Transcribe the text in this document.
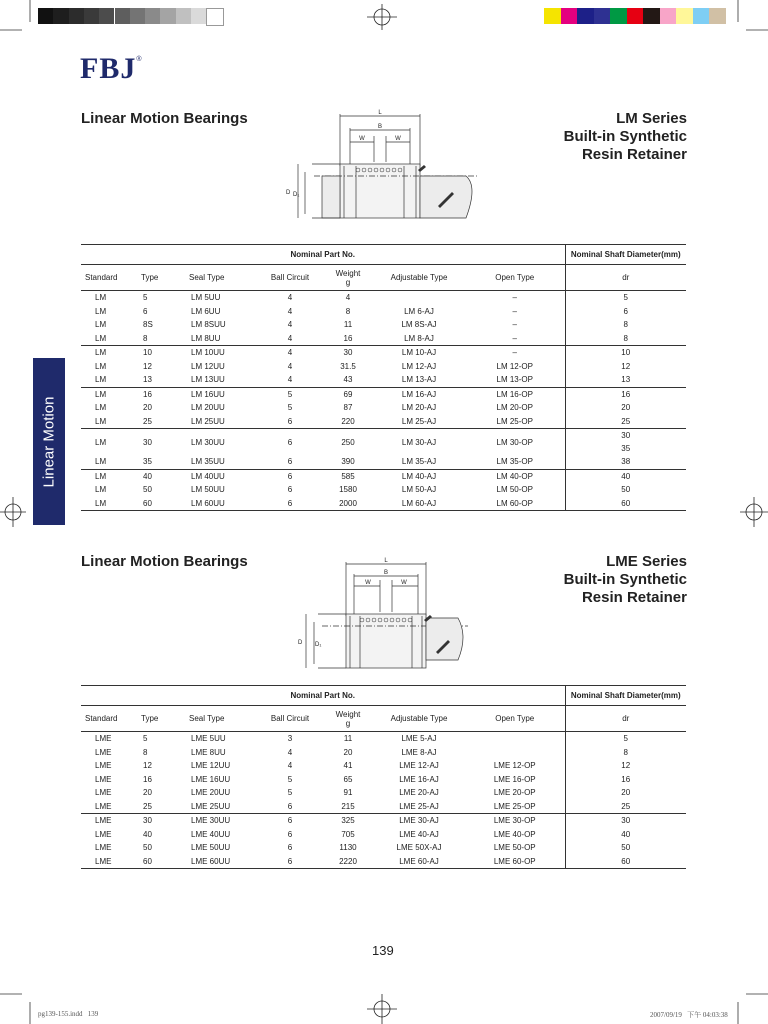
FBJ®
Linear Motion
Linear Motion Bearings	LM Series
Built-in Synthetic
Resin Retainer
L
B
W	W
D D₁
Nominal Part No.							Nominal Shaft Diameter(mm)
Standard	Type	Seal Type	Ball Circuit	Weight
g	Adjustable Type	Open Type	dr
LM	5	LM 5UU	4	4		–	5
LM	6	LM 6UU	4	8	LM 6-AJ	–	6
LM	8S	LM 8SUU	4	11	LM 8S-AJ	–	8
LM	8	LM 8UU	4	16	LM 8-AJ	–	8
LM	10	LM 10UU	4	30	LM 10-AJ	–	10
LM	12	LM 12UU	4	31.5	LM 12-AJ	LM 12-OP	12
LM	13	LM 13UU	4	43	LM 13-AJ	LM 13-OP	13
LM	16	LM 16UU	5	69	LM 16-AJ	LM 16-OP	16
LM	20	LM 20UU	5	87	LM 20-AJ	LM 20-OP	20
LM	25	LM 25UU	6	220	LM 25-AJ	LM 25-OP	25
LM	30	LM 30UU	6	250	LM 30-AJ	LM 30-OP	30
35

LM	35	LM 35UU	6	390	LM 35-AJ	LM 35-OP	38
LM	40	LM 40UU	6	585	LM 40-AJ	LM 40-OP	40
LM	50	LM 50UU	6	1580	LM 50-AJ	LM 50-OP	50
LM	60	LM 60UU	6	2000	LM 60-AJ	LM 60-OP	60

Linear Motion Bearings	LME Series
Built-in Synthetic
Resin Retainer
L
B
W	W
D D₁
Nominal Part No.							Nominal Shaft Diameter(mm)
Standard	Type	Seal Type	Ball Circuit	Weight
g	Adjustable Type	Open Type	dr
LME	5	LME 5UU	3	11	LME 5-AJ		5
LME	8	LME 8UU	4	20	LME 8-AJ		8
LME	12	LME 12UU	4	41	LME 12-AJ	LME 12-OP	12
LME	16	LME 16UU	5	65	LME 16-AJ	LME 16-OP	16
LME	20	LME 20UU	5	91	LME 20-AJ	LME 20-OP	20
LME	25	LME 25UU	6	215	LME 25-AJ	LME 25-OP	25
LME	30	LME 30UU	6	325	LME 30-AJ	LME 30-OP	30
LME	40	LME 40UU	6	705	LME 40-AJ	LME 40-OP	40
LME	50	LME 50UU	6	1130	LME 50X-AJ	LME 50-OP	50
LME	60	LME 60UU	6	2220	LME 60-AJ	LME 60-OP	60

139
pg139-155.indd 139	2007/09/19 下午 04:03:38
